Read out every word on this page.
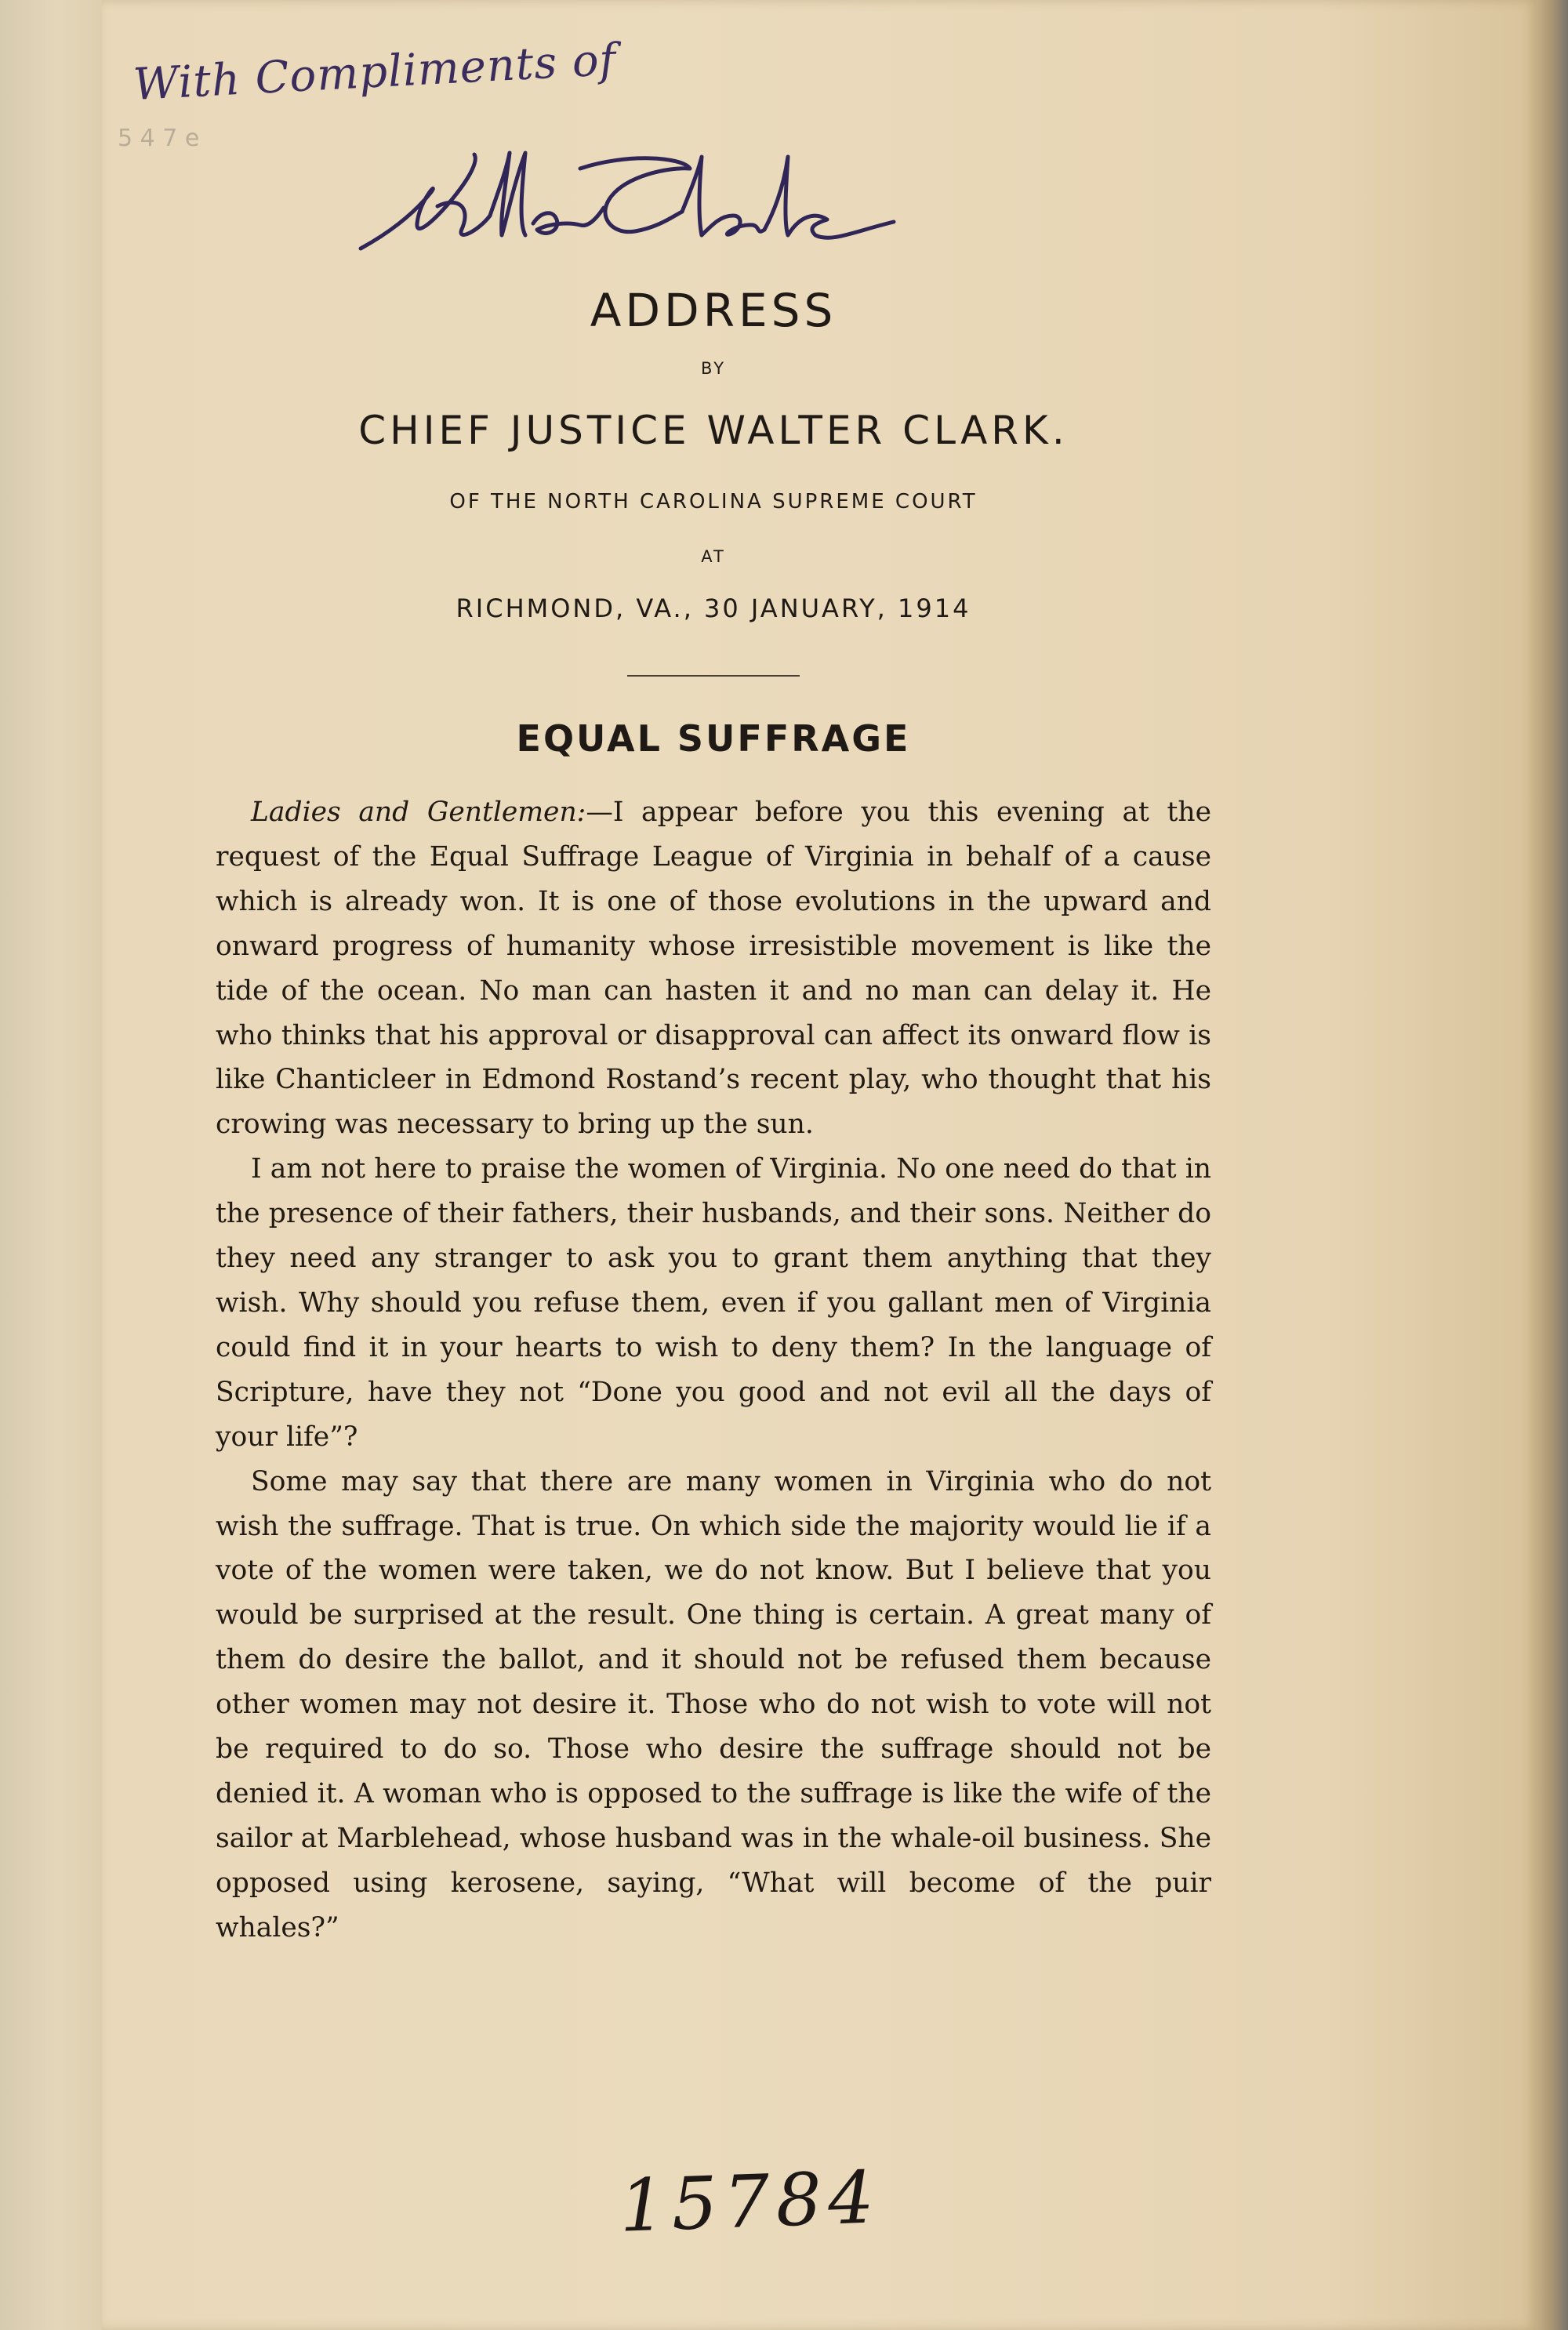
With Compliments of
5 4 7 e
ADDRESS
BY
CHIEF JUSTICE WALTER CLARK.
OF THE NORTH CAROLINA SUPREME COURT
AT
RICHMOND, VA., 30 JANUARY, 1914
EQUAL SUFFRAGE

Ladies and Gentlemen:—I appear before you this evening at the request of the Equal Suffrage League of Virginia in behalf of a cause which is already won. It is one of those evolutions in the upward and onward progress of humanity whose irresistible movement is like the tide of the ocean. No man can hasten it and no man can delay it. He who thinks that his approval or disapproval can affect its onward flow is like Chanticleer in Edmond Rostand’s recent play, who thought that his crowing was necessary to bring up the sun.

I am not here to praise the women of Virginia. No one need do that in the presence of their fathers, their husbands, and their sons. Neither do they need any stranger to ask you to grant them anything that they wish. Why should you refuse them, even if you gallant men of Virginia could find it in your hearts to wish to deny them? In the language of Scripture, have they not “Done you good and not evil all the days of your life”?

Some may say that there are many women in Virginia who do not wish the suffrage. That is true. On which side the majority would lie if a vote of the women were taken, we do not know. But I believe that you would be surprised at the result. One thing is certain. A great many of them do desire the ballot, and it should not be refused them because other women may not desire it. Those who do not wish to vote will not be required to do so. Those who desire the suffrage should not be denied it. A woman who is opposed to the suffrage is like the wife of the sailor at Marblehead, whose husband was in the whale-oil business. She opposed using kerosene, saying, “What will become of the puir whales?”

15784
